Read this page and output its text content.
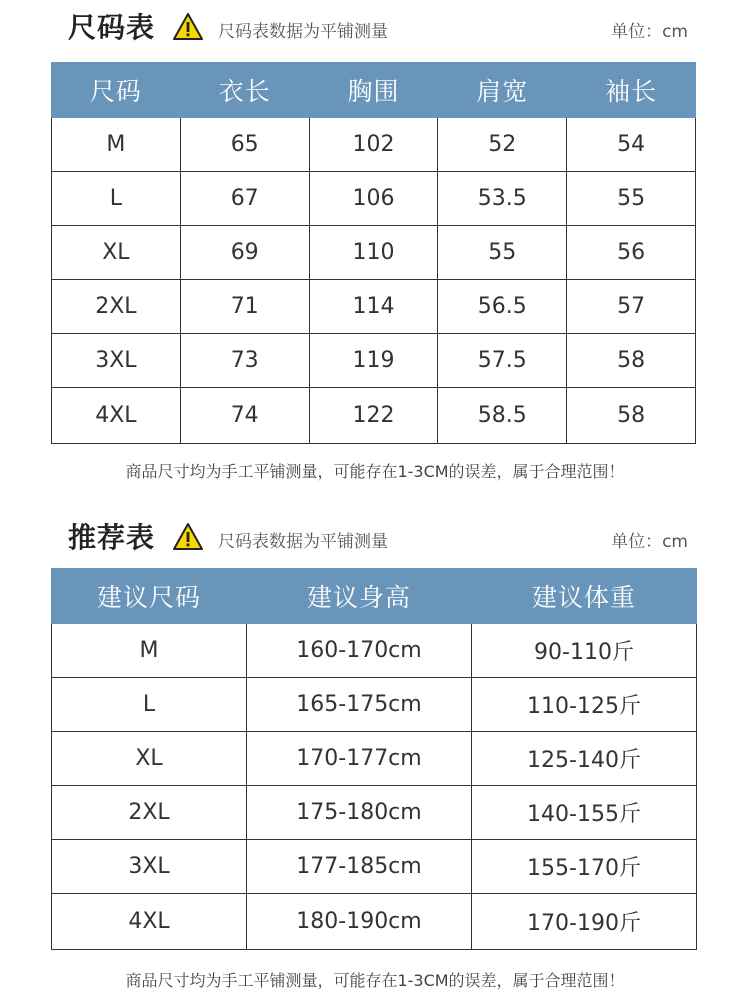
尺码表	尺码表数据为平铺测量	单位：cm
尺码	衣长	胸围	肩宽	袖长
M	65	102	52	54
L	67	106	53.5	55
XL	69	110	55	56
2XL	71	114	56.5	57
3XL	73	119	57.5	58
4XL	74	122	58.5	58
商品尺寸均为手工平铺测量，可能存在1-3CM的误差，属于合理范围！
推荐表	尺码表数据为平铺测量	单位：cm
建议尺码	建议身高	建议体重
M	160-170cm	90-110斤
L	165-175cm	110-125斤
XL	170-177cm	125-140斤
2XL	175-180cm	140-155斤
3XL	177-185cm	155-170斤
4XL	180-190cm	170-190斤
商品尺寸均为手工平铺测量，可能存在1-3CM的误差，属于合理范围！
